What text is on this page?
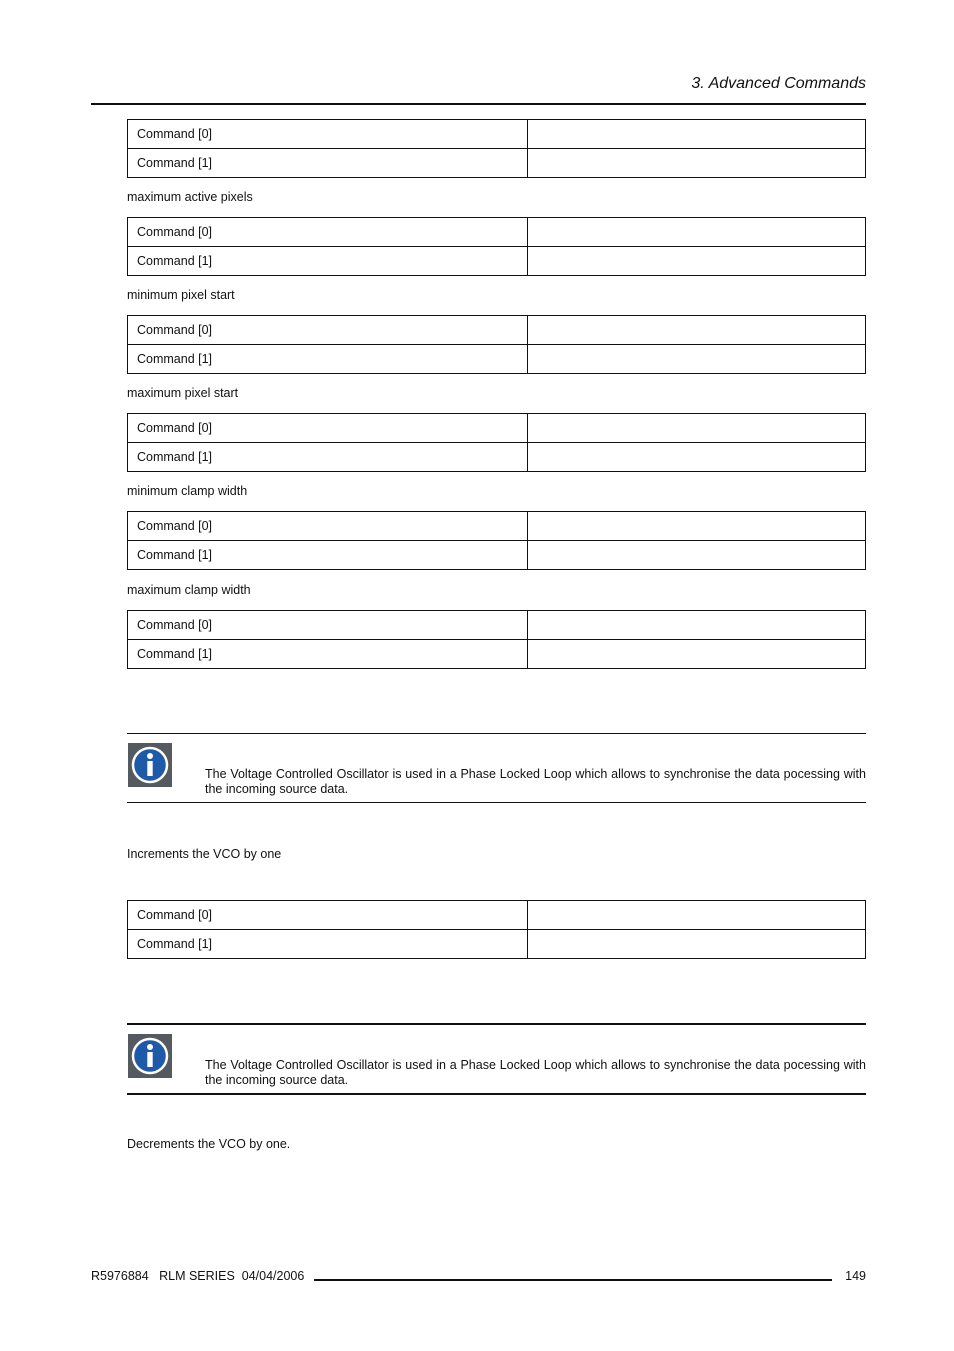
3. Advanced Commands
Command [0]	
Command [1]	
maximum active pixels
Command [0]	
Command [1]	
minimum pixel start
Command [0]	
Command [1]	
maximum pixel start
Command [0]	
Command [1]	
minimum clamp width
Command [0]	
Command [1]	
maximum clamp width
Command [0]	
Command [1]	
The Voltage Controlled Oscillator is used in a Phase Locked Loop which allows to synchronise the data pocessing with the incoming source data.
Increments the VCO by one
Command [0]	
Command [1]	
The Voltage Controlled Oscillator is used in a Phase Locked Loop which allows to synchronise the data pocessing with the incoming source data.
Decrements the VCO by one.
R5976884   RLM SERIES  04/04/2006	149
